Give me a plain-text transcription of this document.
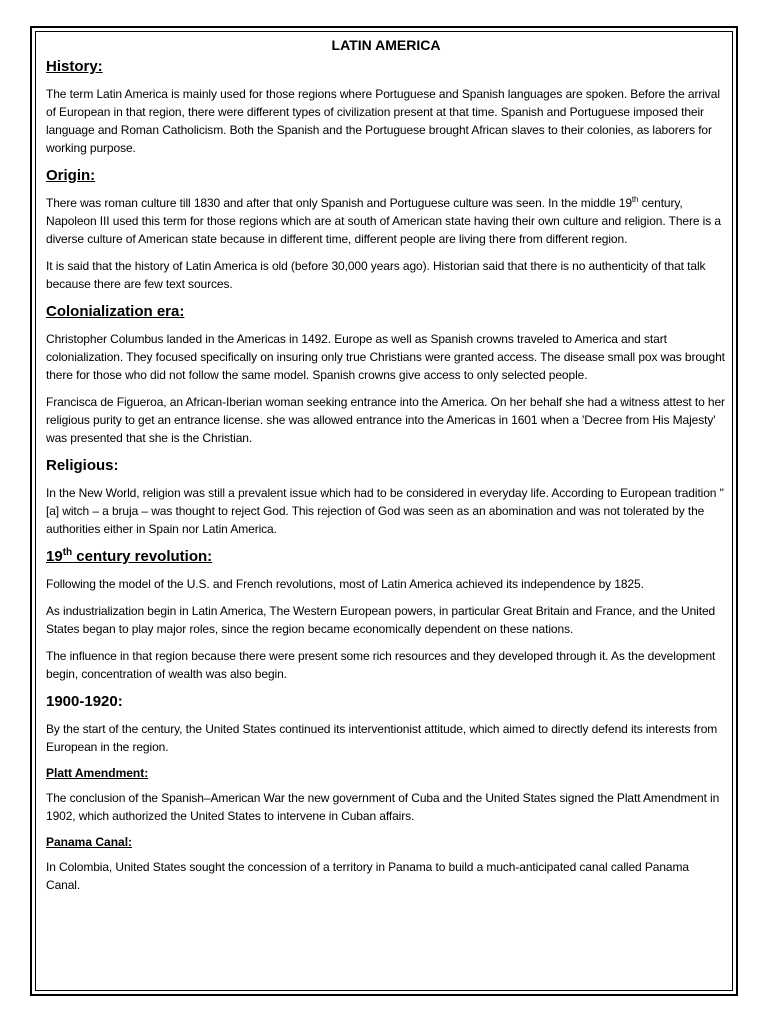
LATIN AMERICA
History:

The term Latin America is mainly used for those regions where Portuguese and Spanish languages are spoken. Before the arrival of European in that region, there were different types of civilization present at that time. Spanish and Portuguese imposed their language and Roman Catholicism. Both the Spanish and the Portuguese brought African slaves to their colonies, as laborers for working purpose.

Origin:

There was roman culture till 1830 and after that only Spanish and Portuguese culture was seen. In the middle 19th century, Napoleon III used this term for those regions which are at south of American state having their own culture and religion. There is a diverse culture of American state because in different time, different people are living there from different region.

It is said that the history of Latin America is old (before 30,000 years ago). Historian said that there is no authenticity of that talk because there are few text sources.

Colonialization era:

Christopher Columbus landed in the Americas in 1492. Europe as well as Spanish crowns traveled to America and start colonialization. They focused specifically on insuring only true Christians were granted access. The disease small pox was brought there for those who did not follow the same model. Spanish crowns give access to only selected people.

Francisca de Figueroa, an African-Iberian woman seeking entrance into the America. On her behalf she had a witness attest to her religious purity to get an entrance license. she was allowed entrance into the Americas in 1601 when a 'Decree from His Majesty' was presented that she is the Christian.

Religious:

In the New World, religion was still a prevalent issue which had to be considered in everyday life. According to European tradition "[a] witch – a bruja – was thought to reject God. This rejection of God was seen as an abomination and was not tolerated by the authorities either in Spain nor Latin America.

19th century revolution:

Following the model of the U.S. and French revolutions, most of Latin America achieved its independence by 1825.

As industrialization begin in Latin America, The Western European powers, in particular Great Britain and France, and the United States began to play major roles, since the region became economically dependent on these nations.

The influence in that region because there were present some rich resources and they developed through it. As the development begin, concentration of wealth was also begin.

1900-1920:

By the start of the century, the United States continued its interventionist attitude, which aimed to directly defend its interests from European in the region.

Platt Amendment:

The conclusion of the Spanish–American War the new government of Cuba and the United States signed the Platt Amendment in 1902, which authorized the United States to intervene in Cuban affairs.

Panama Canal:

In Colombia, United States sought the concession of a territory in Panama to build a much-anticipated canal called Panama Canal.
